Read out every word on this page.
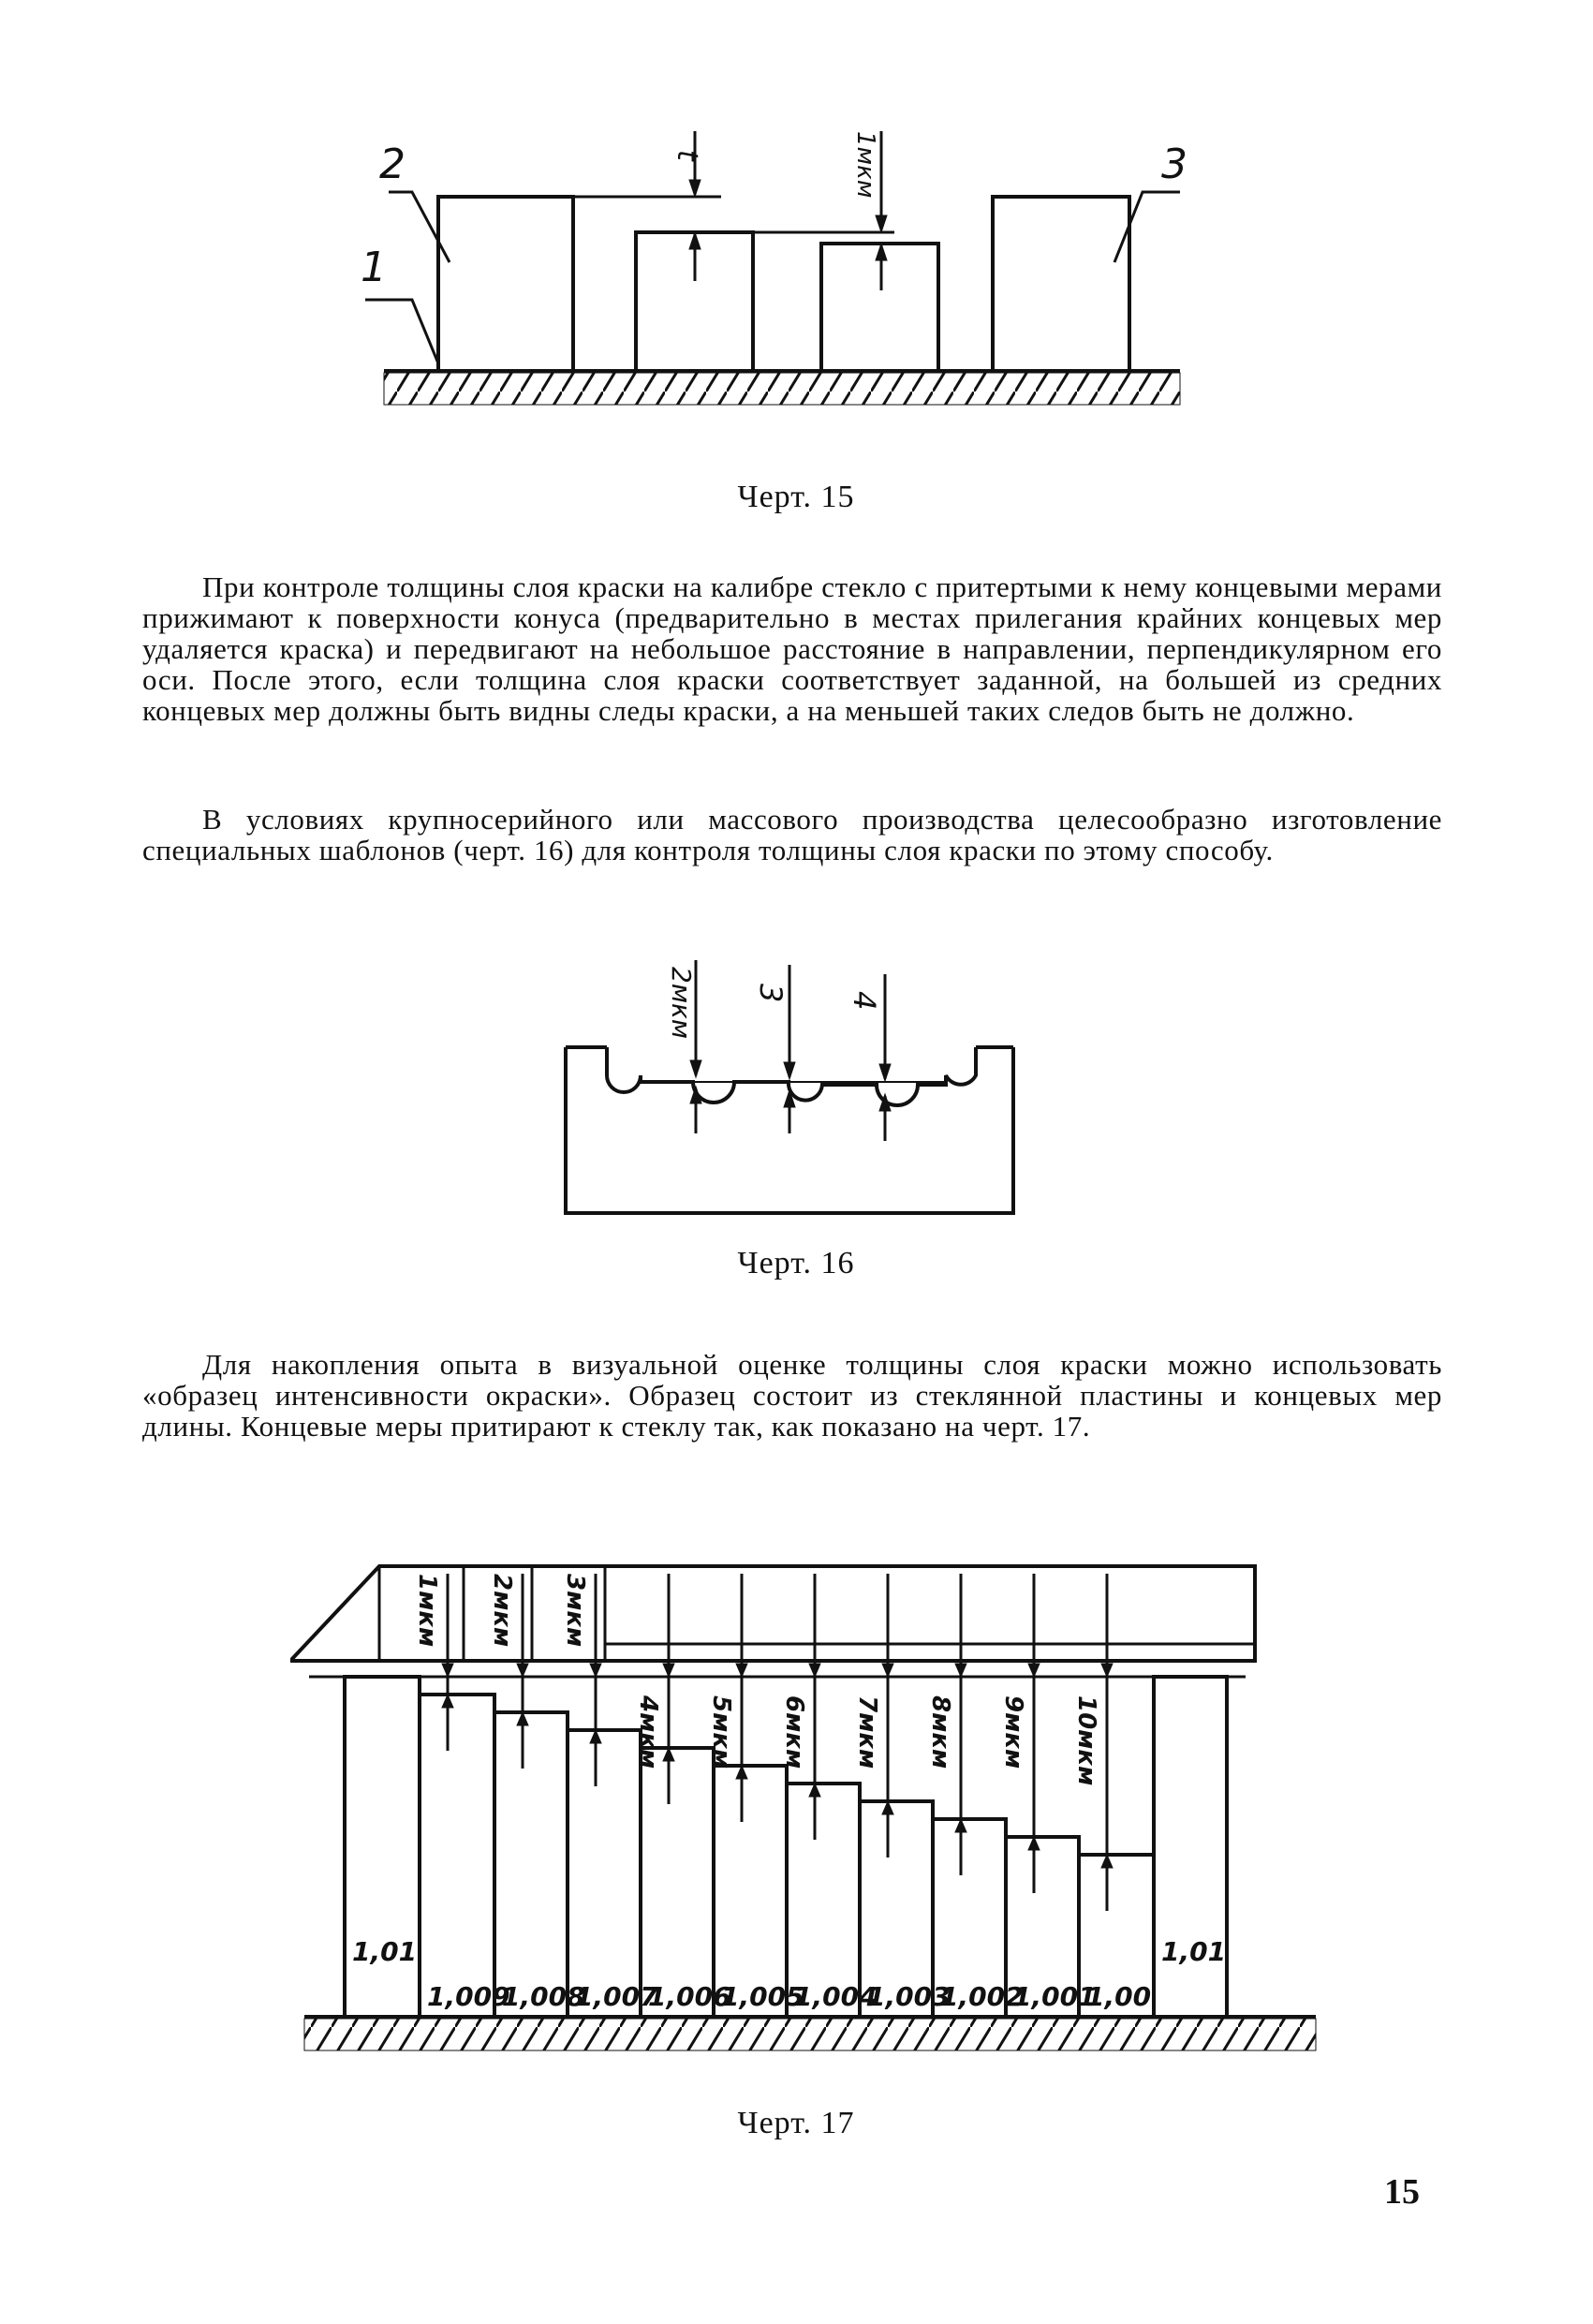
1
2	3
t	1мкм
Черт. 15

При контроле толщины слоя краски на калибре стекло с притертыми к нему концевыми мерами прижимают к поверхности конуса (предварительно в местах прилегания крайних концевых мер удаляется краска) и передвигают на небольшое расстояние в направлении, перпендикулярном его оси. После этого, если толщина слоя краски соответствует заданной, на большей из средних концевых мер должны быть видны следы краски, а на меньшей таких следов быть не должно.

В условиях крупносерийного или массового производства целесообразно изготовление специальных шаблонов (черт. 16) для контроля толщины слоя краски по этому способу.

2мкм 3 4
Черт. 16

Для накопления опыта в визуальной оценке толщины слоя краски можно использовать «образец интенсивности окраски». Образец состоит из стеклянной пластины и концевых мер длины. Концевые меры притирают к стеклу так, как показано на черт. 17.

1,01
1,009
1,008
1,007
1,006
1,005
1,004
1,003
1,002
1,001
1,00
1,01
1мкм 2мкм 3мкм
4мкм 5мкм 6мкм 7мкм 8мкм 9мкм 10мкм
Черт. 17
15
